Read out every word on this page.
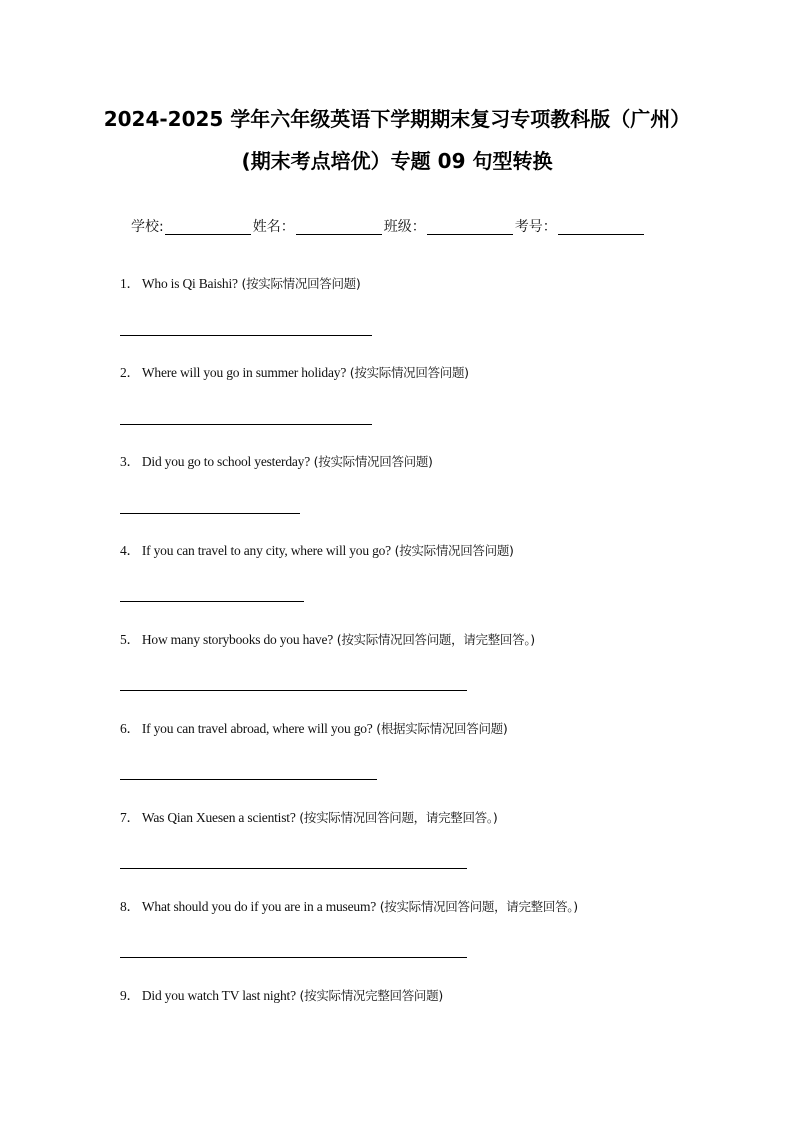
2024-2025 学年六年级英语下学期期末复习专项教科版（广州）
(期末考点培优）专题 09 句型转换
学校:	姓名：	班级：	考号：
1． Who is Qi Baishi? (按实际情况回答问题)
2． Where will you go in summer holiday? (按实际情况回答问题)
3． Did you go to school yesterday? (按实际情况回答问题)
4． If you can travel to any city, where will you go? (按实际情况回答问题)
5． How many storybooks do you have? (按实际情况回答问题，请完整回答。)
6． If you can travel abroad, where will you go? (根据实际情况回答问题)
7． Was Qian Xuesen a scientist? (按实际情况回答问题，请完整回答。)
8． What should you do if you are in a museum? (按实际情况回答问题，请完整回答。)
9． Did you watch TV last night? (按实际情况完整回答问题)
